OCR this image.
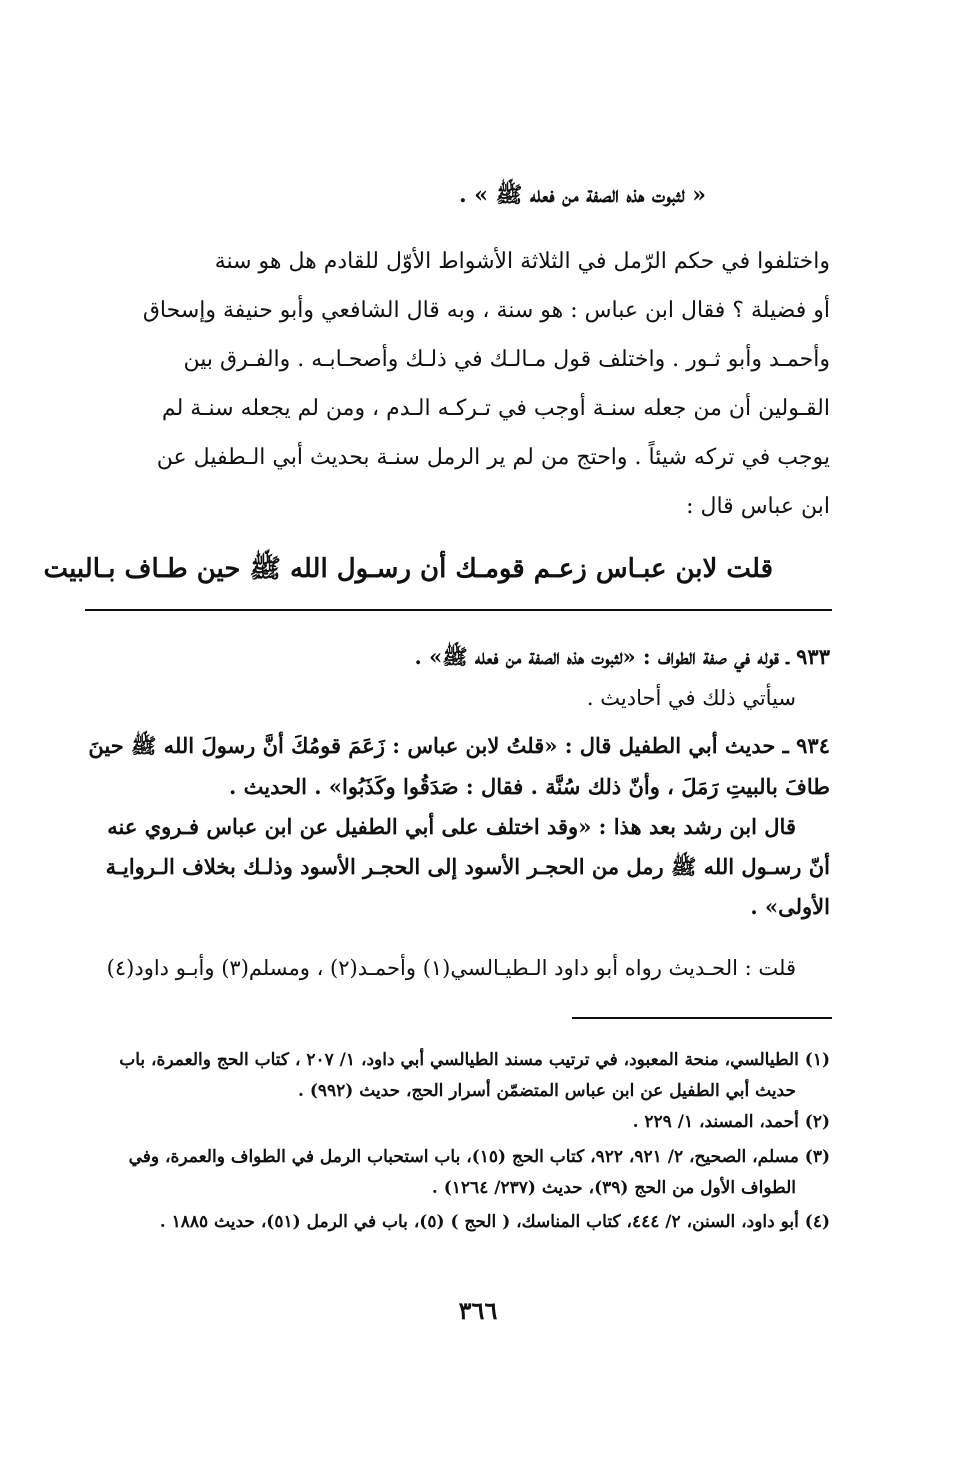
« لثبوت هذه الصفة من فعله ﷺ » .
واختلفوا في حكم الرّمل في الثلاثة الأشواط الأوّل للقادم هل هو سنة
أو فضيلة ؟ فقال ابن عباس : هو سنة ، وبه قال الشافعي وأبو حنيفة وإسحاق
وأحمـد وأبو ثـور . واختلف قول مـالـك في ذلـك وأصحـابـه . والفـرق بين
القـولين أن من جعله سنـة أوجب في تـركـه الـدم ، ومن لم يجعله سنـة لم
يوجب في تركه شيئاً . واحتج من لم ير الرمل سنـة بحديث أبي الـطفيل عن
ابن عباس قال :
قلت لابن عبـاس زعـم قومـك أن رسـول الله ﷺ حين طـاف بـالبيت
٩٣٣ ـ قوله في صفة الطواف : «لثبوت هذه الصفة من فعله ﷺ» .
سيأتي ذلك في أحاديث .
٩٣٤ ـ حديث أبي الطفيل قال : «قلتُ لابن عباس : زَعَمَ قومُكَ أنَّ رسولَ الله ﷺ حينَ
طافَ بالبيتِ رَمَلَ ، وأنّ ذلك سُنَّة . فقال : صَدَقُوا وكَذَبُوا» . الحديث .
قال ابن رشد بعد هذا : «وقد اختلف على أبي الطفيل عن ابن عباس فـروي عنه
أنّ رسـول الله ﷺ رمل من الحجـر الأسود إلى الحجـر الأسود وذلـك بخلاف الـروايـة
الأولى» .
قلت : الحـديث رواه أبو داود الـطيـالسي(١) وأحمـد(٢) ، ومسلم(٣) وأبـو داود(٤)
(١) الطيالسي، منحة المعبود، في ترتيب مسند الطيالسي أبي داود، ١/ ٢٠٧ ، كتاب الحج والعمرة، باب
حديث أبي الطفيل عن ابن عباس المتضمّن أسرار الحج، حديث (٩٩٢) .
(٢) أحمد، المسند، ١/ ٢٢٩ .
(٣) مسلم، الصحيح، ٢/ ٩٢١، ٩٢٢، كتاب الحج (١٥)، باب استحباب الرمل في الطواف والعمرة، وفي
الطواف الأول من الحج (٣٩)، حديث (٢٣٧/ ١٢٦٤) .
(٤) أبو داود، السنن، ٢/ ٤٤٤، كتاب المناسك، ( الحج ) (٥)، باب في الرمل (٥١)، حديث ١٨٨٥ .
٣٦٦
